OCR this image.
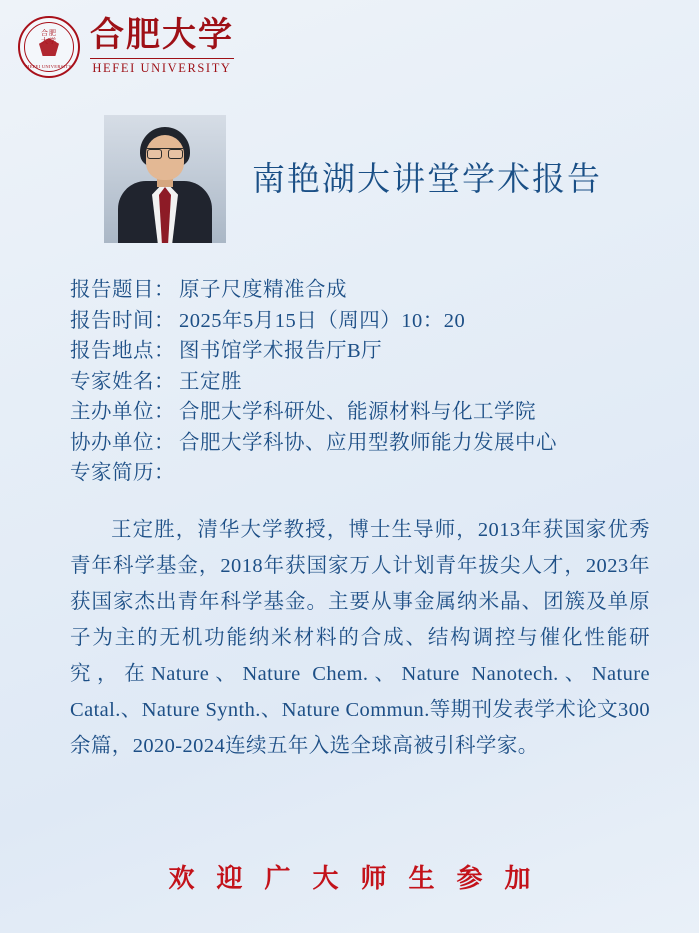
合肥
大学
HEFEI UNIVERSITY
合肥大学
HEFEI UNIVERSITY
南艳湖大讲堂学术报告
报告题目： 原子尺度精准合成
报告时间： 2025年5月15日（周四）10：20
报告地点： 图书馆学术报告厅B厅
专家姓名： 王定胜
主办单位： 合肥大学科研处、能源材料与化工学院
协办单位： 合肥大学科协、应用型教师能力发展中心
专家简历：
王定胜，清华大学教授，博士生导师，2013年获国家优秀青年科学基金，2018年获国家万人计划青年拔尖人才，2023年获国家杰出青年科学基金。主要从事金属纳米晶、团簇及单原子为主的无机功能纳米材料的合成、结构调控与催化性能研究，在Nature、Nature Chem.、Nature Nanotech.、Nature Catal.、Nature Synth.、Nature Commun.等期刊发表学术论文300余篇，2020-2024连续五年入选全球高被引科学家。
欢迎广大师生参加
